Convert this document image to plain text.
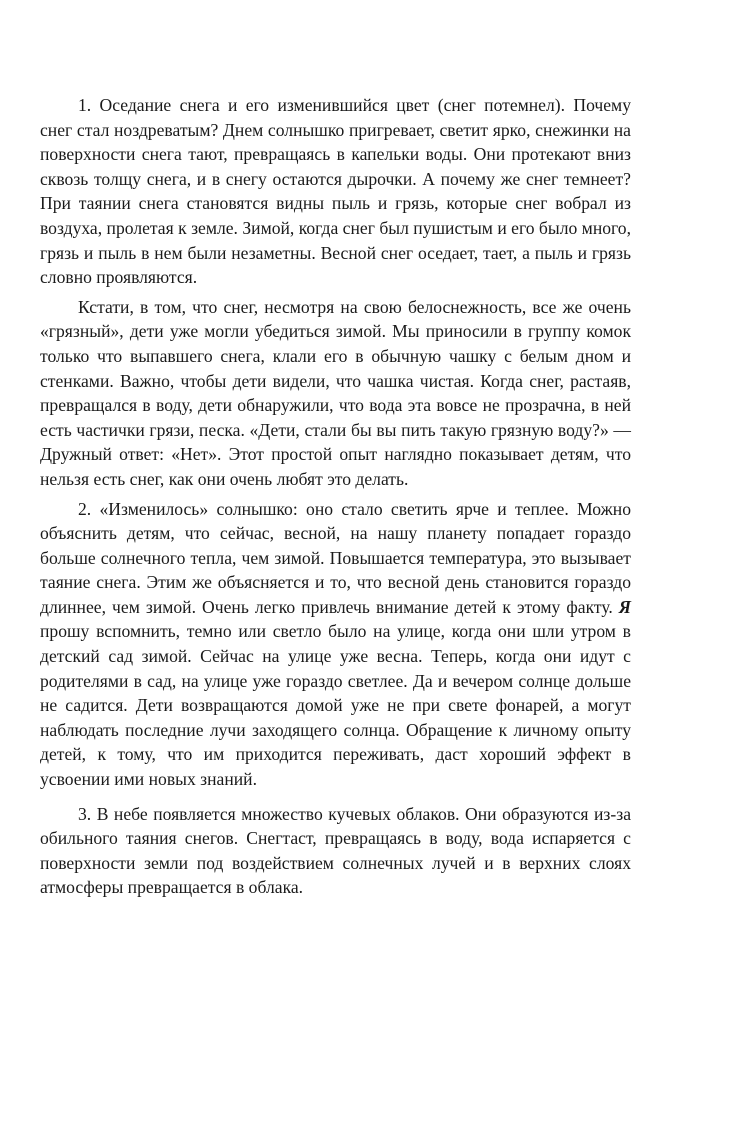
1. Оседание снега и его изменившийся цвет (снег потемнел). Почему снег стал ноздреватым? Днем солнышко пригревает, светит ярко, снежинки на поверхности снега тают, превращаясь в капельки воды. Они протекают вниз сквозь толщу снега, и в снегу остаются дырочки. А почему же снег темнеет? При таянии снега становятся видны пыль и грязь, которые снег вобрал из воздуха, пролетая к земле. Зимой, когда снег был пушистым и его было много, грязь и пыль в нем были незаметны. Весной снег оседает, тает, а пыль и грязь словно проявляются.

Кстати, в том, что снег, несмотря на свою белоснежность, все же очень «грязный», дети уже могли убедиться зимой. Мы приносили в группу комок только что выпавшего снега, клали его в обычную чашку с белым дном и стенками. Важно, чтобы дети видели, что чашка чистая. Когда снег, растаяв, превращался в воду, дети обнаружили, что вода эта вовсе не прозрачна, в ней есть частички грязи, песка. «Дети, стали бы вы пить такую грязную воду?» — Дружный ответ: «Нет». Этот простой опыт наглядно показывает детям, что нельзя есть снег, как они очень любят это делать.

2. «Изменилось» солнышко: оно стало светить ярче и теплее. Можно объяснить детям, что сейчас, весной, на нашу планету попадает гораздо больше солнечного тепла, чем зимой. Повышается температура, это вызывает таяние снега. Этим же объясняется и то, что весной день становится гораздо длиннее, чем зимой. Очень легко привлечь внимание детей к этому факту. Я прошу вспомнить, темно или светло было на улице, когда они шли утром в детский сад зимой. Сейчас на улице уже весна. Теперь, когда они идут с родителями в сад, на улице уже гораздо светлее. Да и вечером солнце дольше не садится. Дети возвращаются домой уже не при свете фонарей, а могут наблюдать последние лучи заходящего солнца. Обращение к личному опыту детей, к тому, что им приходится переживать, даст хороший эффект в усвоении ими новых знаний.

3. В небе появляется множество кучевых облаков. Они образуются из-за обильного таяния снегов. Снегтаст, превращаясь в воду, вода испаряется с поверхности земли под воздействием солнечных лучей и в верхних слоях атмосферы превращается в облака.
